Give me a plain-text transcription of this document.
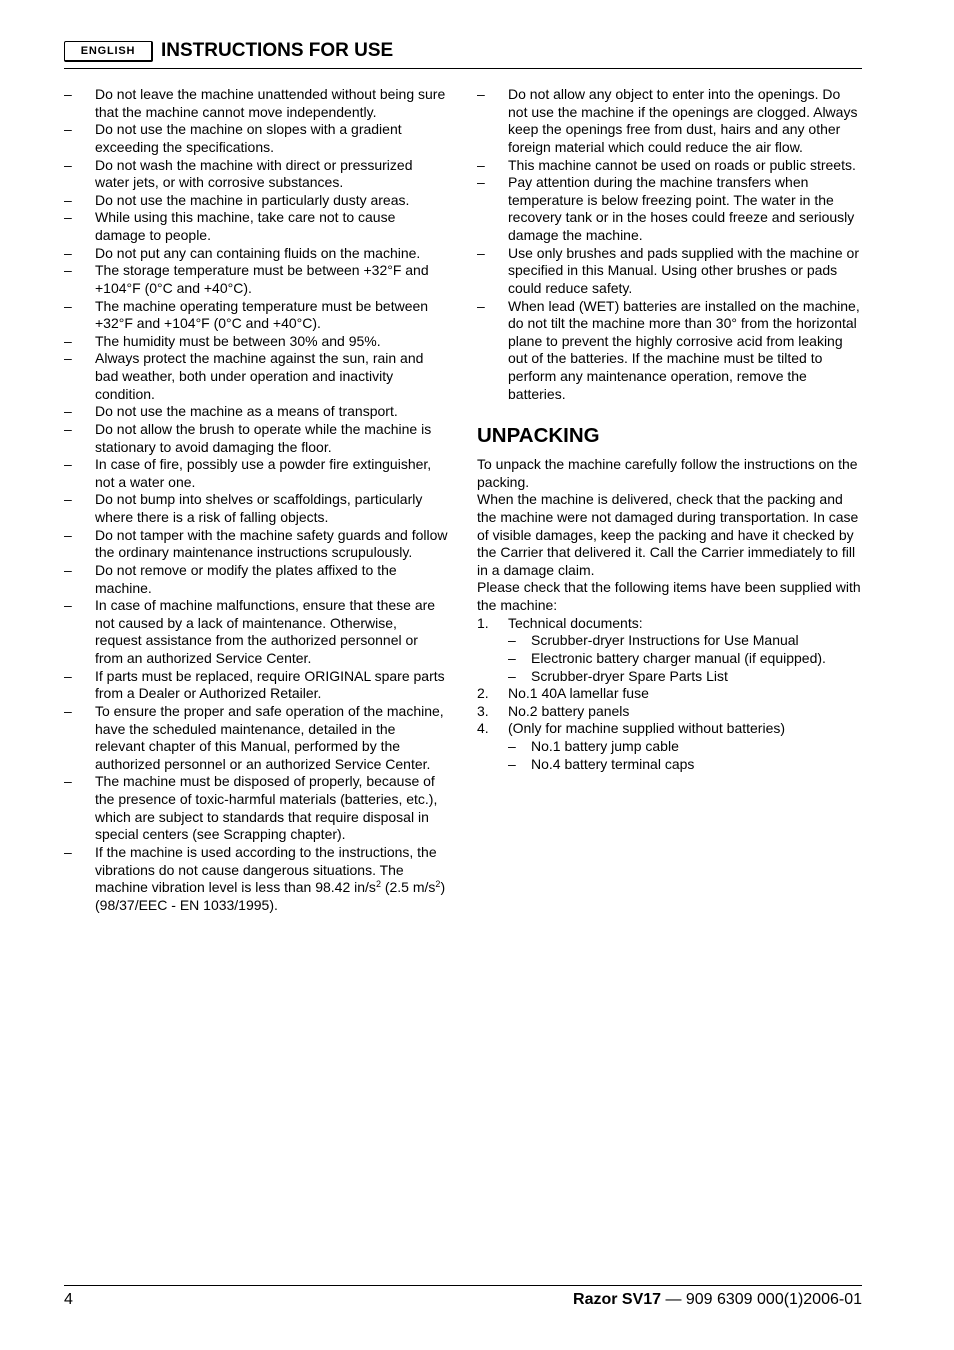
ENGLISH INSTRUCTIONS FOR USE
– Do not leave the machine unattended without being sure
that the machine cannot move independently.
– Do not use the machine on slopes with a gradient
exceeding the specifications.
– Do not wash the machine with direct or pressurized
water jets, or with corrosive substances.
– Do not use the machine in particularly dusty areas.
– While using this machine, take care not to cause
damage to people.
– Do not put any can containing fluids on the machine.
– The storage temperature must be between +32°F and
+104°F (0°C and +40°C).
– The machine operating temperature must be between
+32°F and +104°F (0°C and +40°C).
– The humidity must be between 30% and 95%.
– Always protect the machine against the sun, rain and
bad weather, both under operation and inactivity
condition.
– Do not use the machine as a means of transport.
– Do not allow the brush to operate while the machine is
stationary to avoid damaging the floor.
– In case of fire, possibly use a powder fire extinguisher,
not a water one.
– Do not bump into shelves or scaffoldings, particularly
where there is a risk of falling objects.
– Do not tamper with the machine safety guards and follow
the ordinary maintenance instructions scrupulously.
– Do not remove or modify the plates affixed to the
machine.
– In case of machine malfunctions, ensure that these are
not caused by a lack of maintenance. Otherwise,
request assistance from the authorized personnel or
from an authorized Service Center.
– If parts must be replaced, require ORIGINAL spare parts
from a Dealer or Authorized Retailer.
– To ensure the proper and safe operation of the machine,
have the scheduled maintenance, detailed in the
relevant chapter of this Manual, performed by the
authorized personnel or an authorized Service Center.
– The machine must be disposed of properly, because of
the presence of toxic-harmful materials (batteries, etc.),
which are subject to standards that require disposal in
special centers (see Scrapping chapter).
– If the machine is used according to the instructions, the
vibrations do not cause dangerous situations. The
machine vibration level is less than 98.42 $in/s^2$ (2.5 $m/s^2$)
(98/37/EEC - EN 1033/1995).
– Do not allow any object to enter into the openings. Do
not use the machine if the openings are clogged. Always
keep the openings free from dust, hairs and any other
foreign material which could reduce the air flow.
– This machine cannot be used on roads or public streets.
– Pay attention during the machine transfers when
temperature is below freezing point. The water in the
recovery tank or in the hoses could freeze and seriously
damage the machine.
– Use only brushes and pads supplied with the machine or
specified in this Manual. Using other brushes or pads
could reduce safety.
– When lead (WET) batteries are installed on the machine,
do not tilt the machine more than 30° from the horizontal
plane to prevent the highly corrosive acid from leaking
out of the batteries. If the machine must be tilted to
perform any maintenance operation, remove the
batteries.
UNPACKING
To unpack the machine carefully follow the instructions on the
packing.
When the machine is delivered, check that the packing and
the machine were not damaged during transportation. In case
of visible damages, keep the packing and have it checked by
the Carrier that delivered it. Call the Carrier immediately to fill
in a damage claim.
Please check that the following items have been supplied with
the machine:
1. Technical documents:
– Scrubber-dryer Instructions for Use Manual
– Electronic battery charger manual (if equipped).
– Scrubber-dryer Spare Parts List
2. No.1 40A lamellar fuse
3. No.2 battery panels
4. (Only for machine supplied without batteries)
– No.1 battery jump cable
– No.4 battery terminal caps
4	Razor SV17 — 909 6309 000(1)2006-01
